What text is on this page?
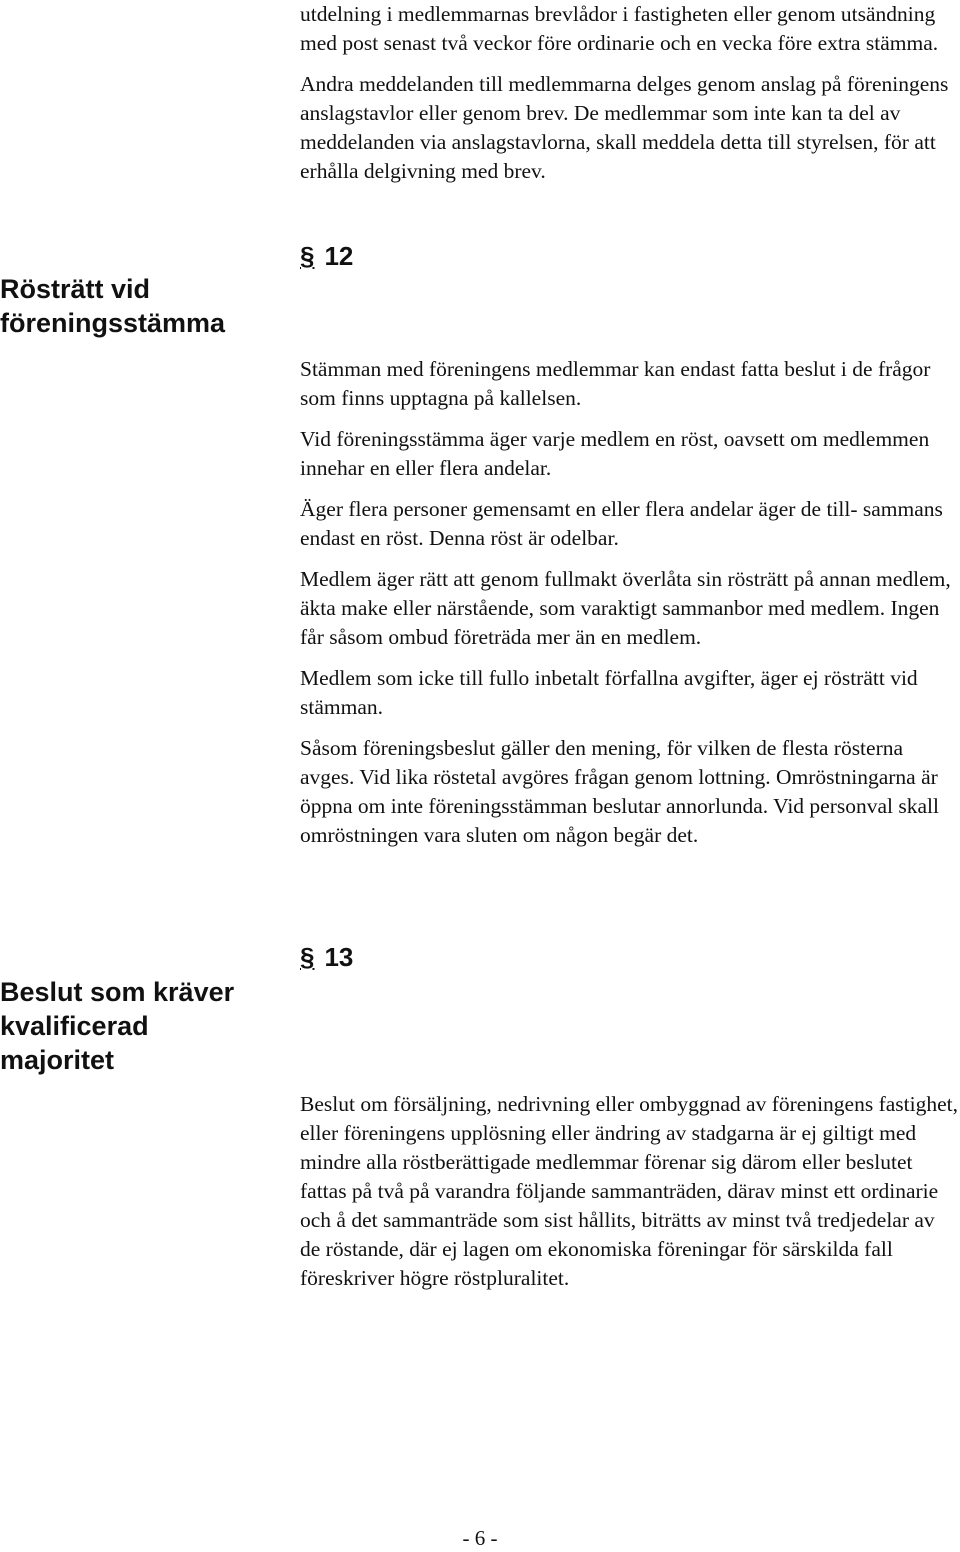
utdelning i medlemmarnas brevlådor i fastigheten eller genom utsändning med post senast två veckor före ordinarie och en vecka före extra stämma.

Andra meddelanden till medlemmarna delges genom anslag på föreningens anslagstavlor eller genom brev. De medlemmar som inte kan ta del av meddelanden via anslagstavlorna, skall meddela detta till styrelsen, för att erhålla delgivning med brev.

Rösträtt vid
föreningsstämma
§ 12

Stämman med föreningens medlemmar kan endast fatta beslut i de frågor som finns upptagna på kallelsen.

Vid föreningsstämma äger varje medlem en röst, oavsett om medlemmen innehar en eller flera andelar.

Äger flera personer gemensamt en eller flera andelar äger de till- sammans endast en röst. Denna röst är odelbar.

Medlem äger rätt att genom fullmakt överlåta sin rösträtt på annan medlem, äkta make eller närstående, som varaktigt sammanbor med medlem. Ingen får såsom ombud företräda mer än en medlem.

Medlem som icke till fullo inbetalt förfallna avgifter, äger ej rösträtt vid stämman.

Såsom föreningsbeslut gäller den mening, för vilken de flesta rösterna avges. Vid lika röstetal avgöres frågan genom lottning. Omröstningarna är öppna om inte föreningsstämman beslutar annorlunda. Vid personval skall omröstningen vara sluten om någon begär det.

Beslut som kräver
kvalificerad
majoritet
§ 13

Beslut om försäljning, nedrivning eller ombyggnad av föreningens fastighet, eller föreningens upplösning eller ändring av stadgarna är ej giltigt med mindre alla röstberättigade medlemmar förenar sig därom eller beslutet fattas på två på varandra följande sammanträden, därav minst ett ordinarie och å det sammanträde som sist hållits, biträtts av minst två tredjedelar av de röstande, där ej lagen om ekonomiska föreningar för särskilda fall föreskriver högre röstpluralitet.

- 6 -
